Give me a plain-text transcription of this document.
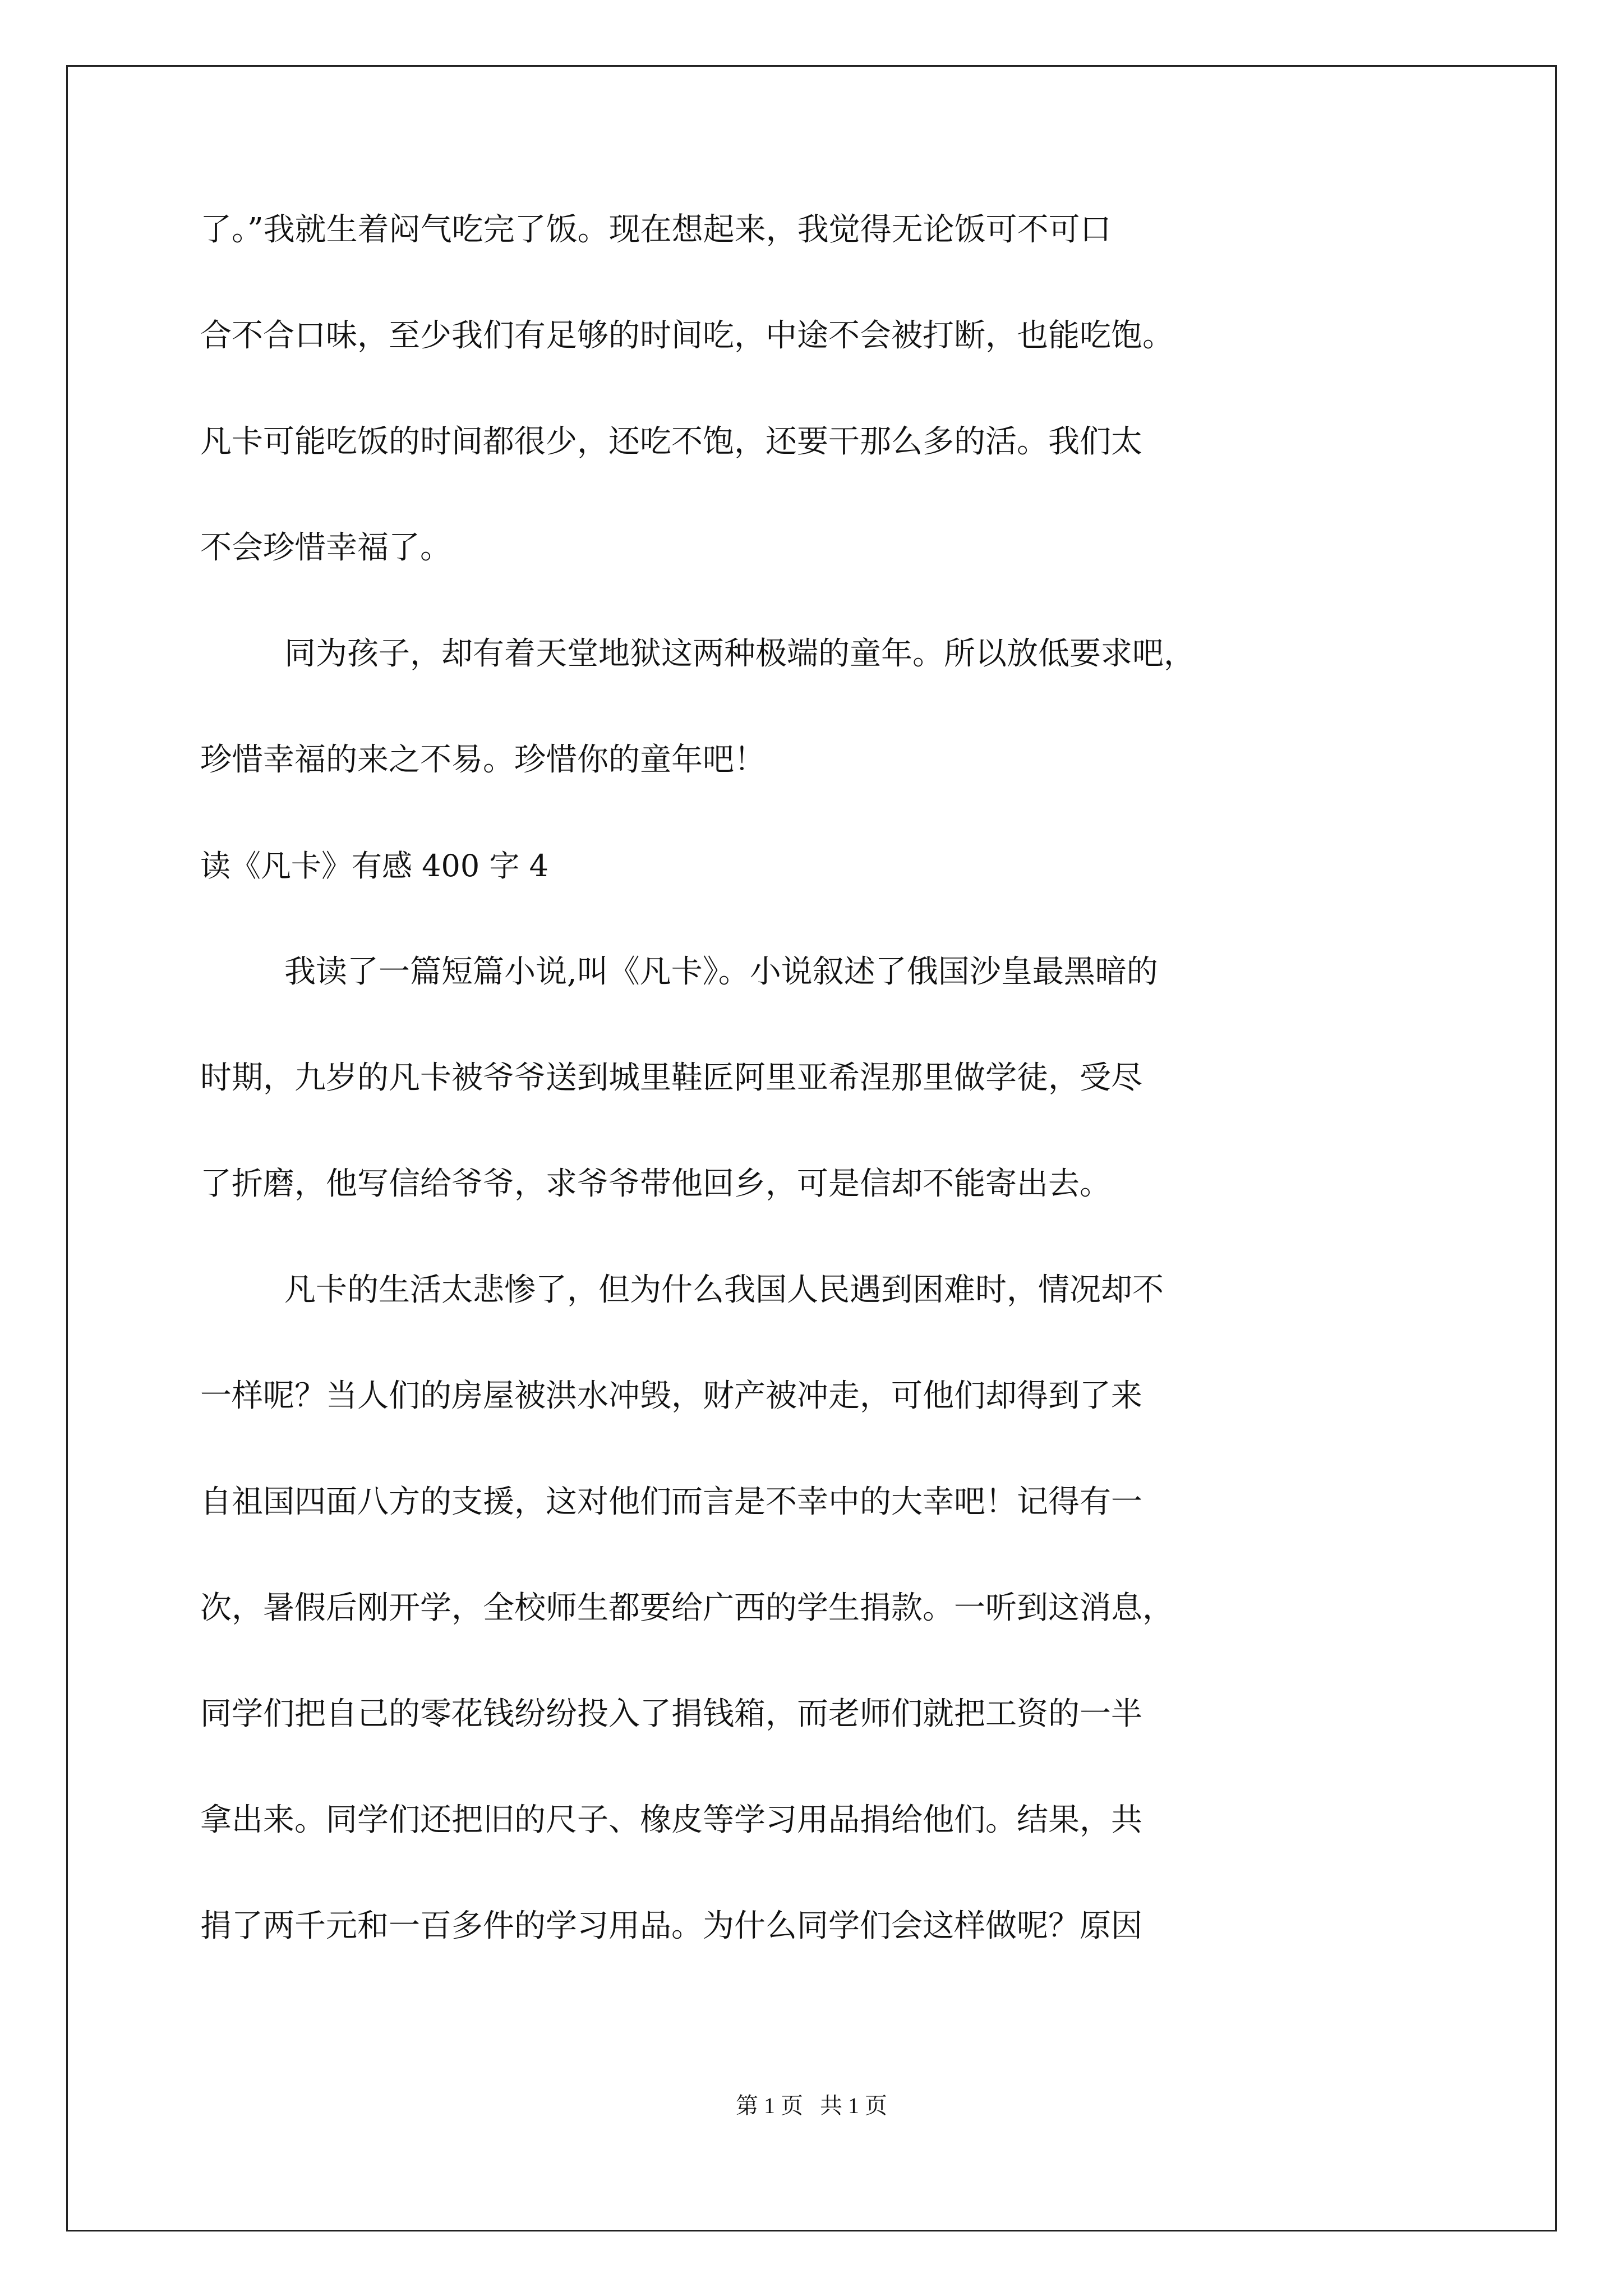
了。”我就生着闷气吃完了饭。现在想起来，我觉得无论饭可不可口

合不合口味，至少我们有足够的时间吃，中途不会被打断，也能吃饱。

凡卡可能吃饭的时间都很少，还吃不饱，还要干那么多的活。我们太

不会珍惜幸福了。

同为孩子，却有着天堂地狱这两种极端的童年。所以放低要求吧，

珍惜幸福的来之不易。珍惜你的童年吧！

读《凡卡》有感 400 字 4

我读了一篇短篇小说,叫《凡卡》。小说叙述了俄国沙皇最黑暗的

时期，九岁的凡卡被爷爷送到城里鞋匠阿里亚希涅那里做学徒，受尽

了折磨，他写信给爷爷，求爷爷带他回乡，可是信却不能寄出去。

凡卡的生活太悲惨了，但为什么我国人民遇到困难时，情况却不

一样呢？当人们的房屋被洪水冲毁，财产被冲走，可他们却得到了来

自祖国四面八方的支援，这对他们而言是不幸中的大幸吧！记得有一

次，暑假后刚开学，全校师生都要给广西的学生捐款。一听到这消息，

同学们把自己的零花钱纷纷投入了捐钱箱，而老师们就把工资的一半

拿出来。同学们还把旧的尺子、橡皮等学习用品捐给他们。结果，共

捐了两千元和一百多件的学习用品。为什么同学们会这样做呢？原因

第 1 页   共 1 页
